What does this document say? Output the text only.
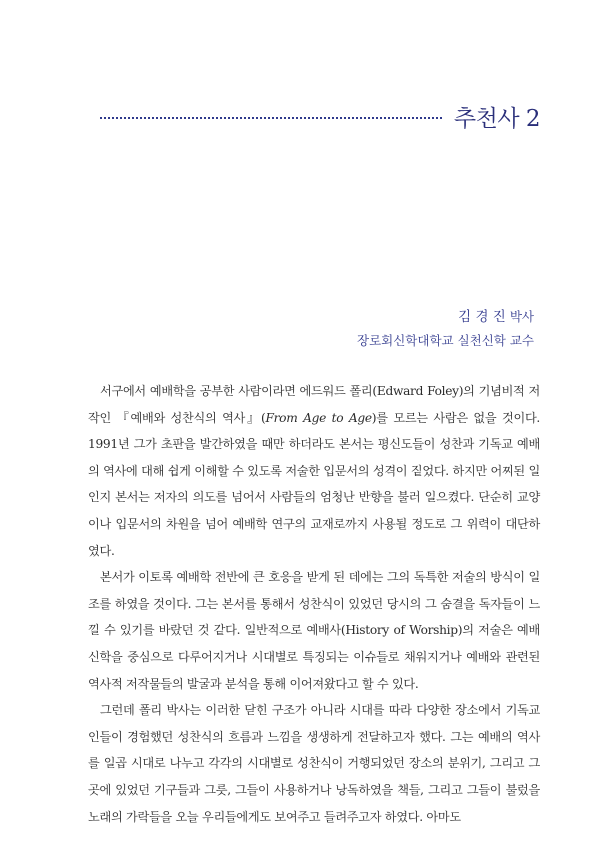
추천사 2
김 경 진 박사
장로회신학대학교 실천신학 교수

서구에서 예배학을 공부한 사람이라면 에드워드 폴리(Edward Foley)의 기념비적 저작인 『예배와 성찬식의 역사』(From Age to Age)를 모르는 사람은 없을 것이다. 1991년 그가 초판을 발간하였을 때만 하더라도 본서는 평신도들이 성찬과 기독교 예배의 역사에 대해 쉽게 이해할 수 있도록 저술한 입문서의 성격이 짙었다. 하지만 어찌된 일인지 본서는 저자의 의도를 넘어서 사람들의 엄청난 반향을 불러 일으켰다. 단순히 교양이나 입문서의 차원을 넘어 예배학 연구의 교재로까지 사용될 정도로 그 위력이 대단하였다.

본서가 이토록 예배학 전반에 큰 호응을 받게 된 데에는 그의 독특한 저술의 방식이 일조를 하였을 것이다. 그는 본서를 통해서 성찬식이 있었던 당시의 그 숨결을 독자들이 느낄 수 있기를 바랐던 것 같다. 일반적으로 예배사(History of Worship)의 저술은 예배신학을 중심으로 다루어지거나 시대별로 특징되는 이슈들로 채워지거나 예배와 관련된 역사적 저작물들의 발굴과 분석을 통해 이어져왔다고 할 수 있다.

그런데 폴리 박사는 이러한 닫힌 구조가 아니라 시대를 따라 다양한 장소에서 기독교인들이 경험했던 성찬식의 흐름과 느낌을 생생하게 전달하고자 했다. 그는 예배의 역사를 일곱 시대로 나누고 각각의 시대별로 성찬식이 거행되었던 장소의 분위기, 그리고 그곳에 있었던 기구들과 그릇, 그들이 사용하거나 낭독하였을 책들, 그리고 그들이 불렀을 노래의 가락들을 오늘 우리들에게도 보여주고 들려주고자 하였다. 아마도
